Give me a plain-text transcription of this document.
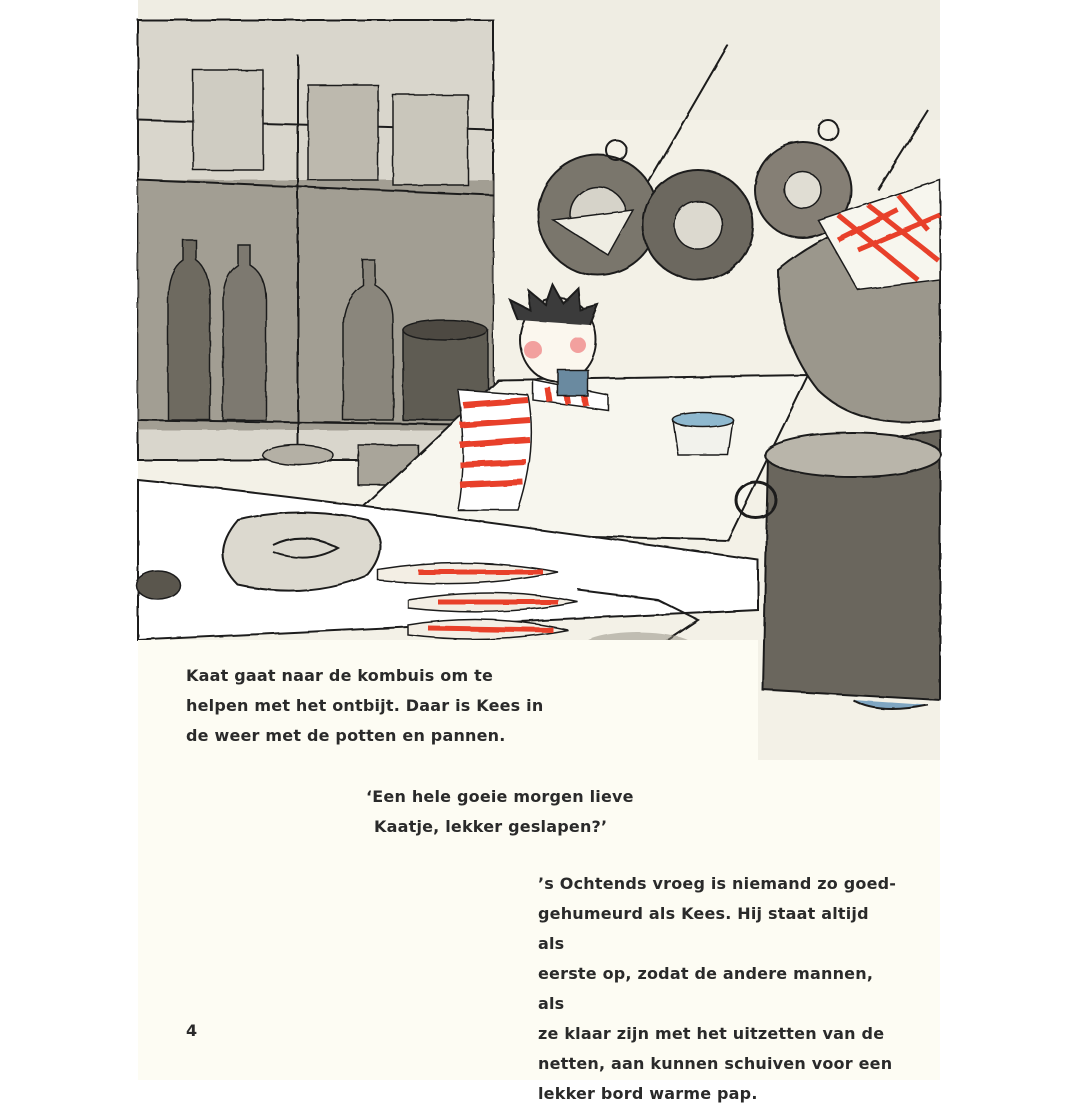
Kaat gaat naar de kombuis om te

helpen met het ontbijt. Daar is Kees in

de weer met de potten en pannen.

‘Een hele goeie morgen lieve

Kaatje, lekker geslapen?’

’s Ochtends vroeg is niemand zo goed-

gehumeurd als Kees. Hij staat altijd als

eerste op, zodat de andere mannen, als

ze klaar zijn met het uitzetten van de

netten, aan kunnen schuiven voor een

lekker bord warme pap.

4
